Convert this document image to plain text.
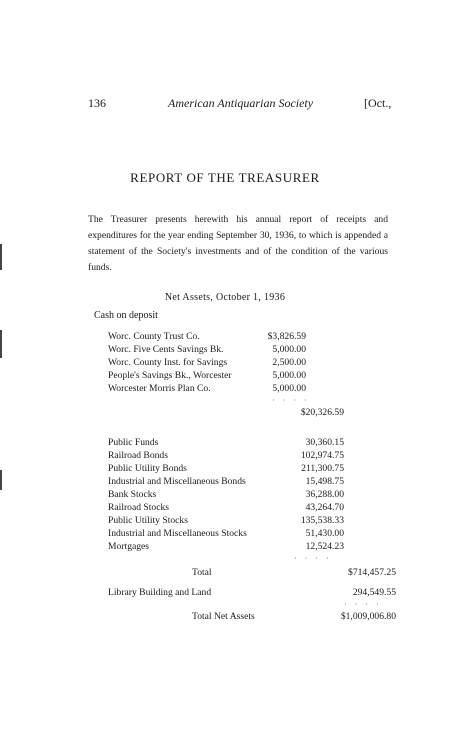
136	American Antiquarian Society	[Oct.,
REPORT OF THE TREASURER

The Treasurer presents herewith his annual report of receipts and expenditures for the year ending September 30, 1936, to which is appended a statement of the Society's investments and of the condition of the various funds.

Net Assets, October 1, 1936
Cash on deposit
Worc. County Trust Co.	$3,826.59
Worc. Five Cents Savings Bk.	5,000.00
Worc. County Inst. for Savings	2,500.00
People's Savings Bk., Worcester	5,000.00
Worcester Morris Plan Co.	5,000.00
· · · ·
$20,326.59
Public Funds	30,360.15
Railroad Bonds	102,974.75
Public Utility Bonds	211,300.75
Industrial and Miscellaneous Bonds	15,498.75
Bank Stocks	36,288.00
Railroad Stocks	43,264.70
Public Utility Stocks	135,538.33
Industrial and Miscellaneous Stocks	51,430.00
Mortgages	12,524.23
· · · ·
Total	$714,457.25
Library Building and Land	294,549.55
· · · ·
Total Net Assets	$1,009,006.80
